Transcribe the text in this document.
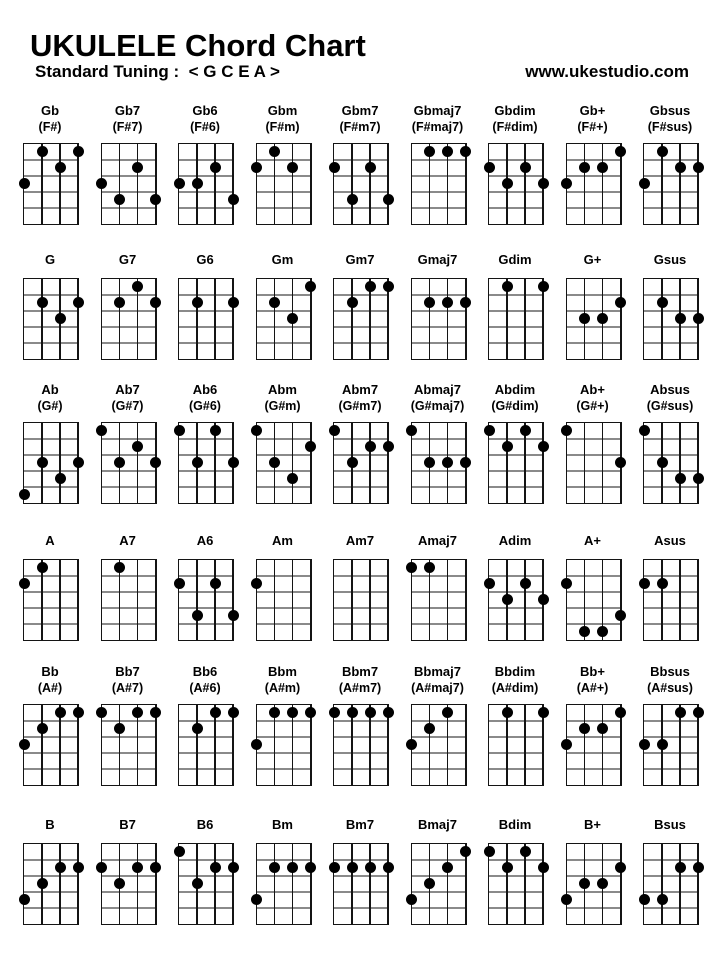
UKULELE Chord Chart
Standard Tuning :  < G C E A >	www.ukestudio.com
Gb
(F#)
Gb7
(F#7)
Gb6
(F#6)
Gbm
(F#m)
Gbm7
(F#m7)
Gbmaj7
(F#maj7)
Gbdim
(F#dim)
Gb+
(F#+)
Gbsus
(F#sus)
G	G7	G6	Gm	Gm7	Gmaj7	Gdim	G+	Gsus
Ab
(G#)
Ab7
(G#7)
Ab6
(G#6)
Abm
(G#m)
Abm7
(G#m7)
Abmaj7
(G#maj7)
Abdim
(G#dim)
Ab+
(G#+)
Absus
(G#sus)
A	A7	A6	Am	Am7	Amaj7	Adim	A+	Asus
Bb
(A#)
Bb7
(A#7)
Bb6
(A#6)
Bbm
(A#m)
Bbm7
(A#m7)
Bbmaj7
(A#maj7)
Bbdim
(A#dim)
Bb+
(A#+)
Bbsus
(A#sus)
B	B7	B6	Bm	Bm7	Bmaj7	Bdim	B+	Bsus
